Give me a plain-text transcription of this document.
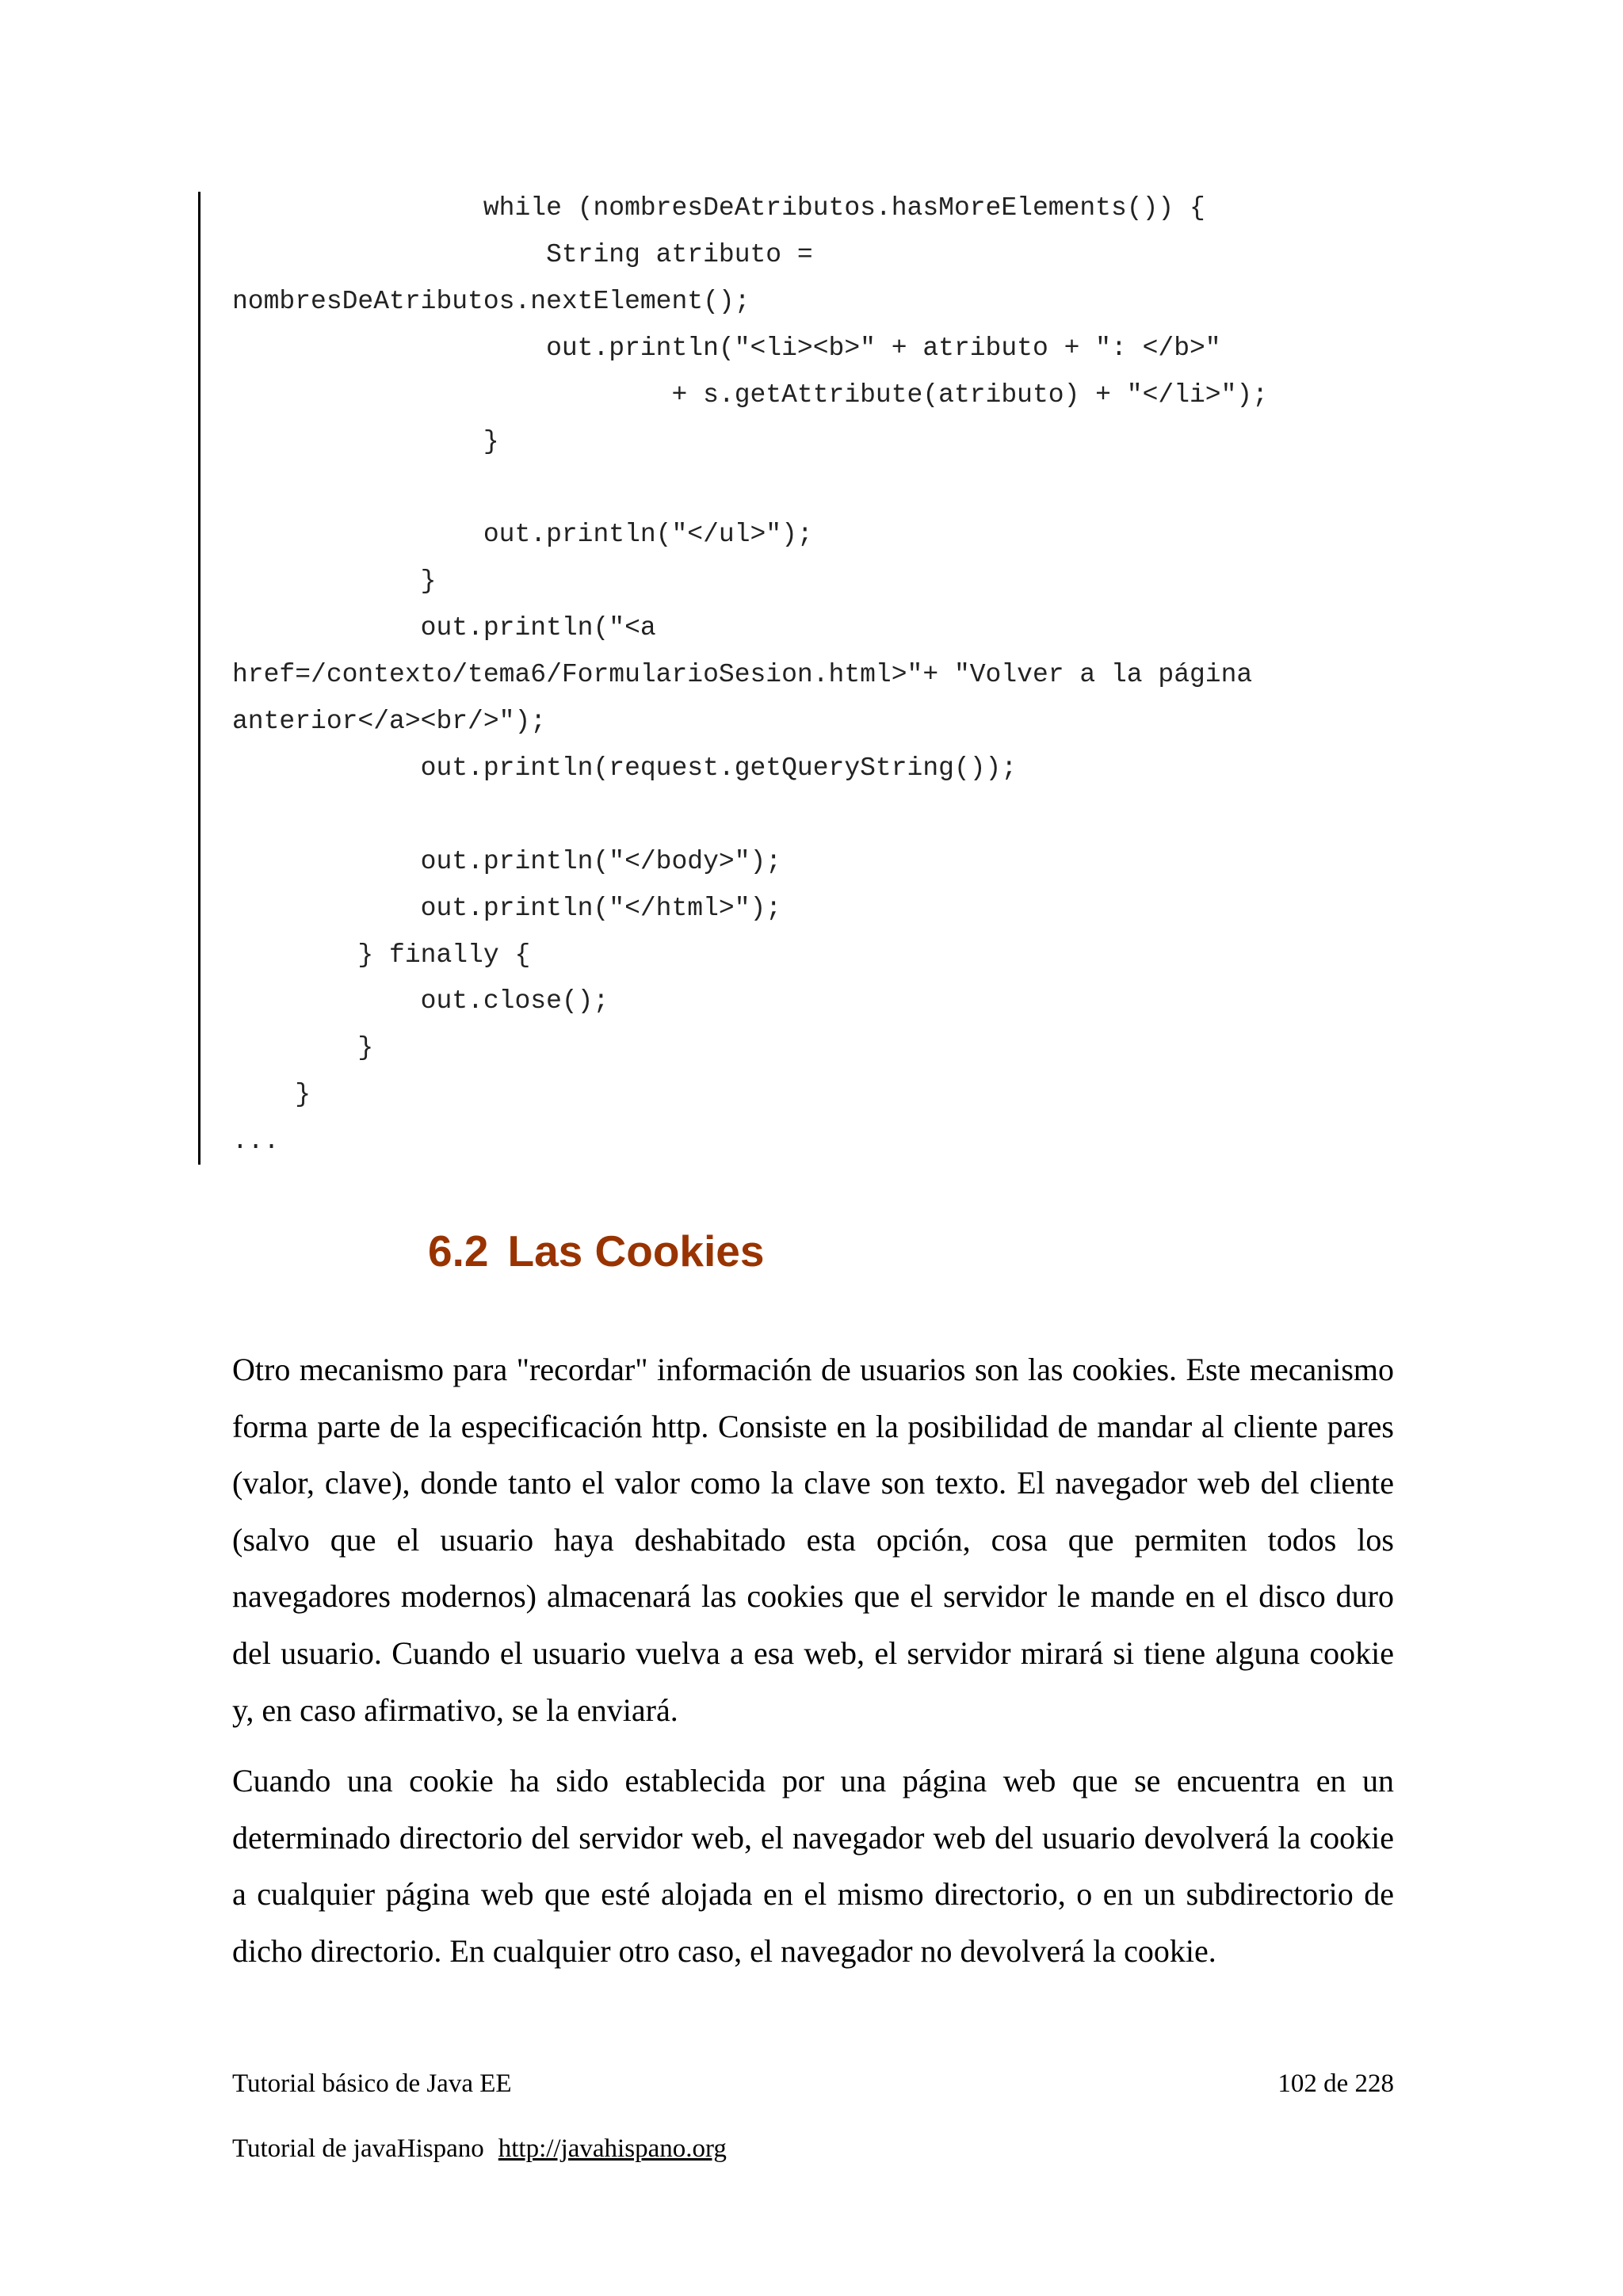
while (nombresDeAtributos.hasMoreElements()) {
String atributo =
nombresDeAtributos.nextElement();
out.println("<li><b>" + atributo + ": </b>"
+ s.getAttribute(atributo) + "</li>");
}

out.println("</ul>");
}
out.println("<a
href=/contexto/tema6/FormularioSesion.html>"+ "Volver a la página
anterior</a><br/>");
out.println(request.getQueryString());

out.println("</body>");
out.println("</html>");
} finally {
out.close();
}
}
...
6.2 Las Cookies

Otro mecanismo para "recordar" información de usuarios son las cookies. Este mecanismo forma parte de la especificación http. Consiste en la posibilidad de mandar al cliente pares (valor, clave), donde tanto el valor como la clave son texto. El navegador web del cliente (salvo que el usuario haya deshabitado esta opción, cosa que permiten todos los navegadores modernos) almacenará las cookies que el servidor le mande en el disco duro del usuario. Cuando el usuario vuelva a esa web, el servidor mirará si tiene alguna cookie y, en caso afirmativo, se la enviará.

Cuando una cookie ha sido establecida por una página web que se encuentra en un determinado directorio del servidor web, el navegador web del usuario devolverá la cookie a cualquier página web que esté alojada en el mismo directorio, o en un subdirectorio de dicho directorio. En cualquier otro caso, el navegador no devolverá la cookie.

Tutorial básico de Java EE	102 de 228
Tutorial de javaHispano http://javahispano.org
